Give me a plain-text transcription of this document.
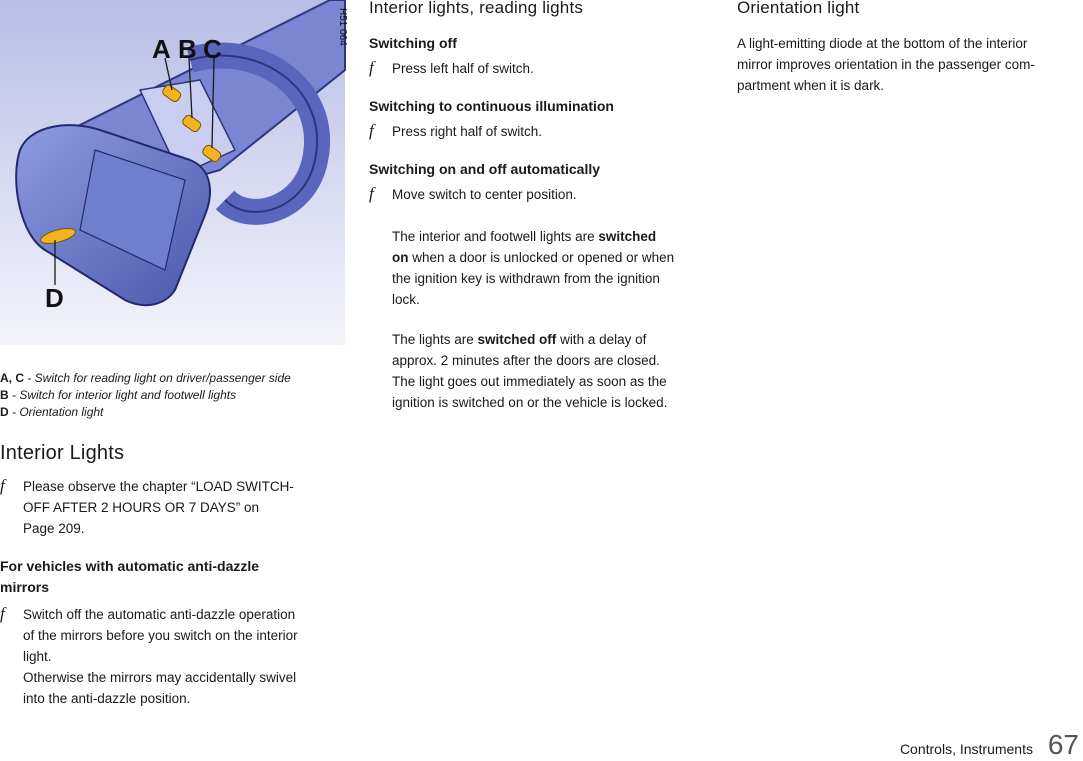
A B C
D
H51 064
A, C - Switch for reading light on driver/passenger side
B - Switch for interior light and footwell lights
D - Orientation light
Interior Lights
f Please observe the chapter “LOAD SWITCH-
OFF AFTER 2 HOURS OR 7 DAYS” on
Page 209.
For vehicles with automatic anti-dazzle
mirrors
f Switch off the automatic anti-dazzle operation
of the mirrors before you switch on the interior
light.
Otherwise the mirrors may accidentally swivel
into the anti-dazzle position.
Interior lights, reading lights
Switching off
f Press left half of switch.
Switching to continuous illumination
f Press right half of switch.
Switching on and off automatically
f Move switch to center position.
The interior and footwell lights are switched
on when a door is unlocked or opened or when
the ignition key is withdrawn from the ignition
lock.
The lights are switched off with a delay of
approx. 2 minutes after the doors are closed.
The light goes out immediately as soon as the
ignition is switched on or the vehicle is locked.
Orientation light
A light-emitting diode at the bottom of the interior
mirror improves orientation in the passenger com-
partment when it is dark.
Controls, Instruments 67
